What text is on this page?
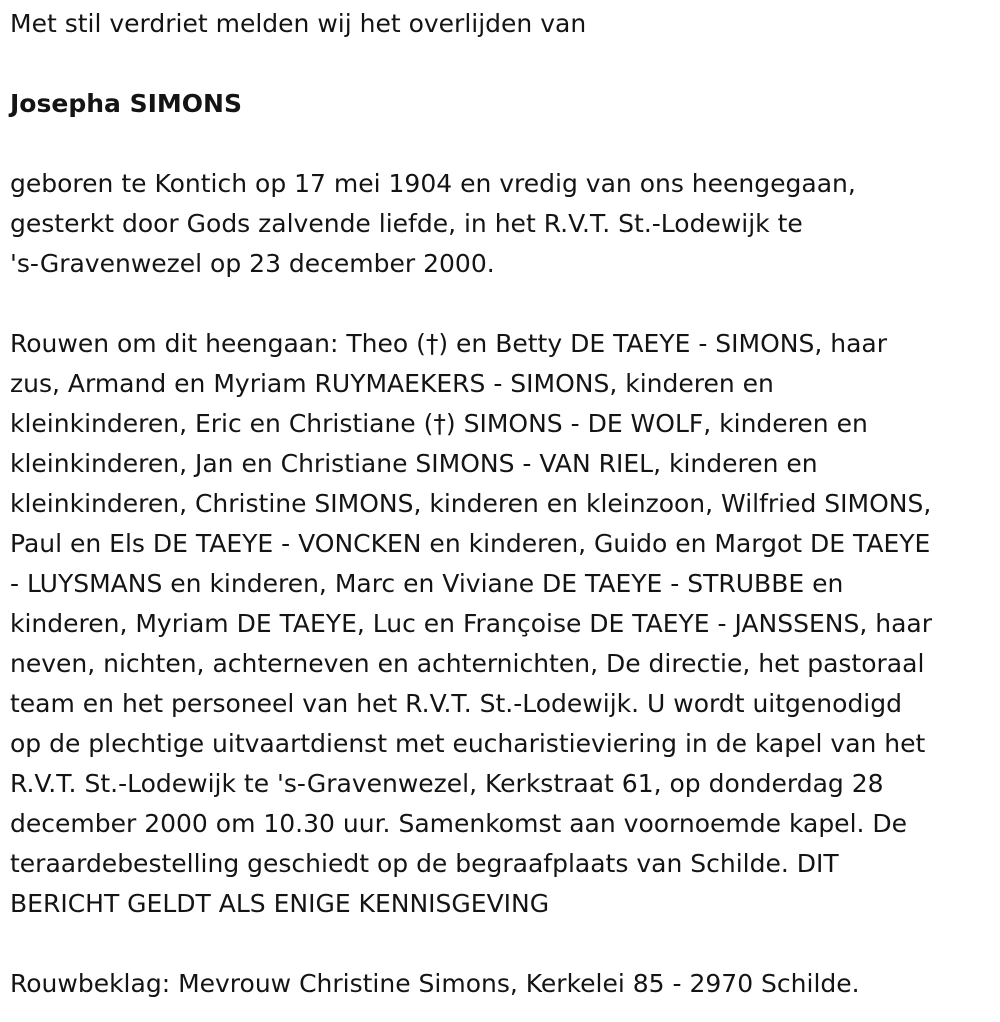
Met stil verdriet melden wij het overlijden van

Josepha SIMONS

geboren te Kontich op 17 mei 1904 en vredig van ons heengegaan,

gesterkt door Gods zalvende liefde, in het R.V.T. St.-Lodewijk te

's-Gravenwezel op 23 december 2000.

Rouwen om dit heengaan: Theo (†) en Betty DE TAEYE - SIMONS, haar

zus, Armand en Myriam RUYMAEKERS - SIMONS, kinderen en

kleinkinderen, Eric en Christiane (†) SIMONS - DE WOLF, kinderen en

kleinkinderen, Jan en Christiane SIMONS - VAN RIEL, kinderen en

kleinkinderen, Christine SIMONS, kinderen en kleinzoon, Wilfried SIMONS,

Paul en Els DE TAEYE - VONCKEN en kinderen, Guido en Margot DE TAEYE

- LUYSMANS en kinderen, Marc en Viviane DE TAEYE - STRUBBE en

kinderen, Myriam DE TAEYE, Luc en Françoise DE TAEYE - JANSSENS, haar

neven, nichten, achterneven en achternichten, De directie, het pastoraal

team en het personeel van het R.V.T. St.-Lodewijk. U wordt uitgenodigd

op de plechtige uitvaartdienst met eucharistieviering in de kapel van het

R.V.T. St.-Lodewijk te 's-Gravenwezel, Kerkstraat 61, op donderdag 28

december 2000 om 10.30 uur. Samenkomst aan voornoemde kapel. De

teraardebestelling geschiedt op de begraafplaats van Schilde. DIT

BERICHT GELDT ALS ENIGE KENNISGEVING

Rouwbeklag: Mevrouw Christine Simons, Kerkelei 85 - 2970 Schilde.
